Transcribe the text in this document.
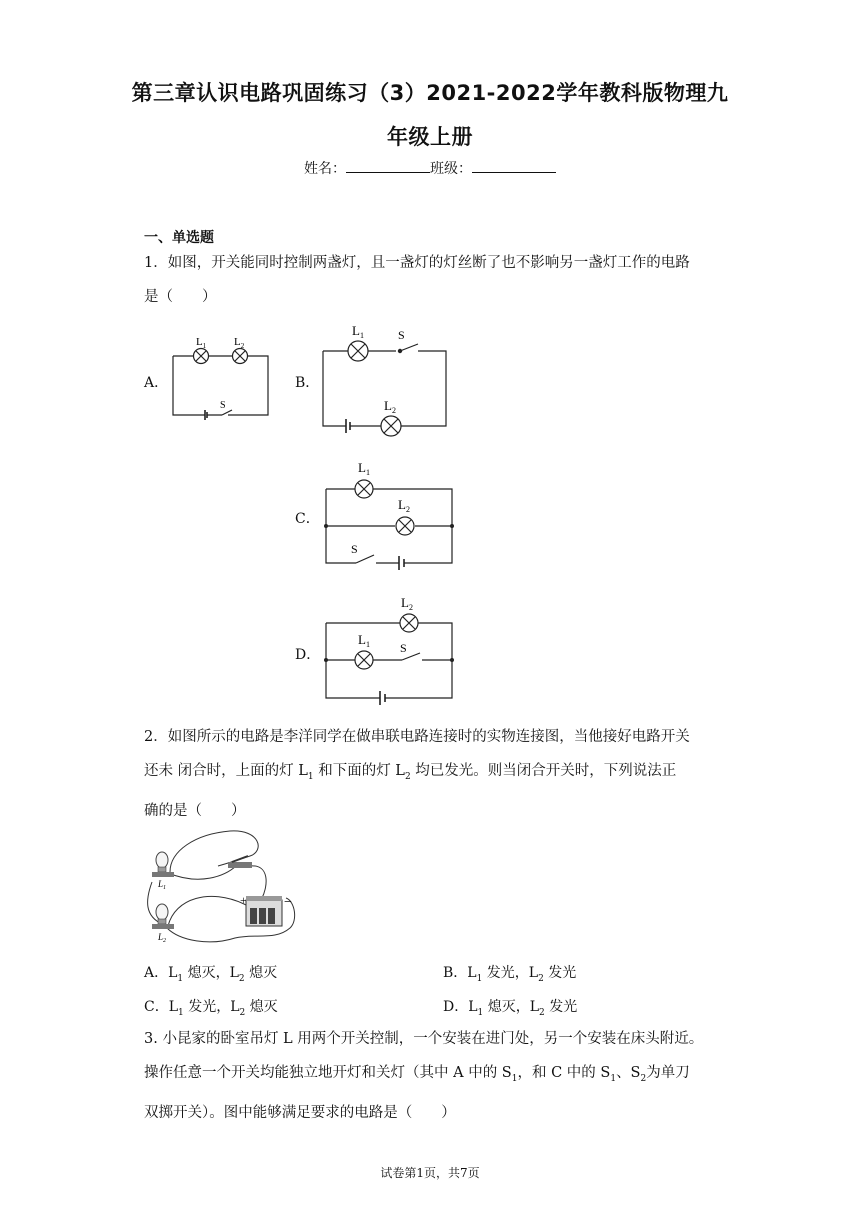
第三章认识电路巩固练习（3）2021-2022学年教科版物理九
年级上册
姓名：	班级：
一、单选题
1．如图，开关能同时控制两盏灯，且一盏灯的灯丝断了也不影响另一盏灯工作的电路
是（　　）
A．
$L_1$	$L_2$
S
B．
$L_1$	S
$L_2$
C．
$L_1$
$L_2$
S
D．
$L_2$
$L_1$	S
2．如图所示的电路是李洋同学在做串联电路连接时的实物连接图，当他接好电路开关
还未 闭合时，上面的灯 $L_1$ 和下面的灯 $L_2$ 均已发光。则当闭合开关时，下列说法正
确的是（　　）
+	−
$L_1$
$L_2$
A．$L_1$ 熄灭，$L_2$ 熄灭	B．$L_1$ 发光，$L_2$ 发光
C．$L_1$ 发光，$L_2$ 熄灭	D．$L_1$ 熄灭，$L_2$ 发光
3. 小昆家的卧室吊灯 L 用两个开关控制，一个安装在进门处，另一个安装在床头附近。
操作任意一个开关均能独立地开灯和关灯（其中 A 中的 $S_1$，和 C 中的 $S_1$、$S_2$为单刀
双掷开关）。图中能够满足要求的电路是（　　）
试卷第1页，共7页
